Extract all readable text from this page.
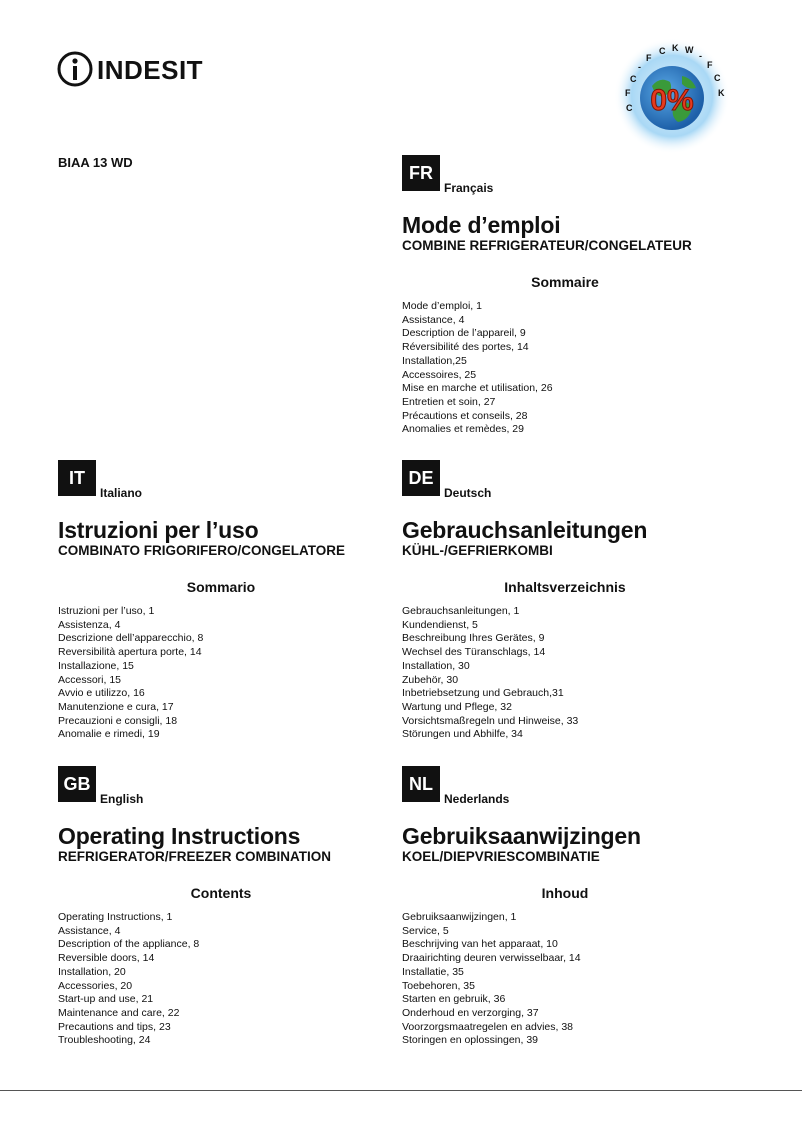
INDESIT
0%
C
F
C
-
F
C K W
-
F
C
K
BIAA 13 WD
FR
Français
Mode d’emploi
COMBINE REFRIGERATEUR/CONGELATEUR
Sommaire
Mode d’emploi, 1
Assistance, 4
Description de l’appareil, 9
Réversibilité des portes, 14
Installation,25
Accessoires, 25
Mise en marche et utilisation, 26
Entretien et soin, 27
Précautions et conseils, 28
Anomalies et remèdes, 29
IT
Italiano
Istruzioni per l’uso
COMBINATO FRIGORIFERO/CONGELATORE
Sommario
Istruzioni per l’uso, 1
Assistenza, 4
Descrizione dell’apparecchio, 8
Reversibilità apertura porte, 14
Installazione, 15
Accessori, 15
Avvio e utilizzo, 16
Manutenzione e cura, 17
Precauzioni e consigli, 18
Anomalie e rimedi, 19
DE
Deutsch
Gebrauchsanleitungen
KÜHL-/GEFRIERKOMBI
Inhaltsverzeichnis
Gebrauchsanleitungen, 1
Kundendienst, 5
Beschreibung Ihres Gerätes, 9
Wechsel des Türanschlags, 14
Installation, 30
Zubehör, 30
Inbetriebsetzung und Gebrauch,31
Wartung und Pflege, 32
Vorsichtsmaßregeln und Hinweise, 33
Störungen und Abhilfe, 34
GB
English
Operating Instructions
REFRIGERATOR/FREEZER COMBINATION
Contents
Operating Instructions, 1
Assistance, 4
Description of the appliance, 8
Reversible doors, 14
Installation, 20
Accessories, 20
Start-up and use, 21
Maintenance and care, 22
Precautions and tips, 23
Troubleshooting, 24
NL
Nederlands
Gebruiksaanwijzingen
KOEL/DIEPVRIESCOMBINATIE
Inhoud
Gebruiksaanwijzingen, 1
Service, 5
Beschrijving van het apparaat, 10
Draairichting deuren verwisselbaar, 14
Installatie, 35
Toebehoren, 35
Starten en gebruik, 36
Onderhoud en verzorging, 37
Voorzorgsmaatregelen en advies, 38
Storingen en oplossingen, 39
